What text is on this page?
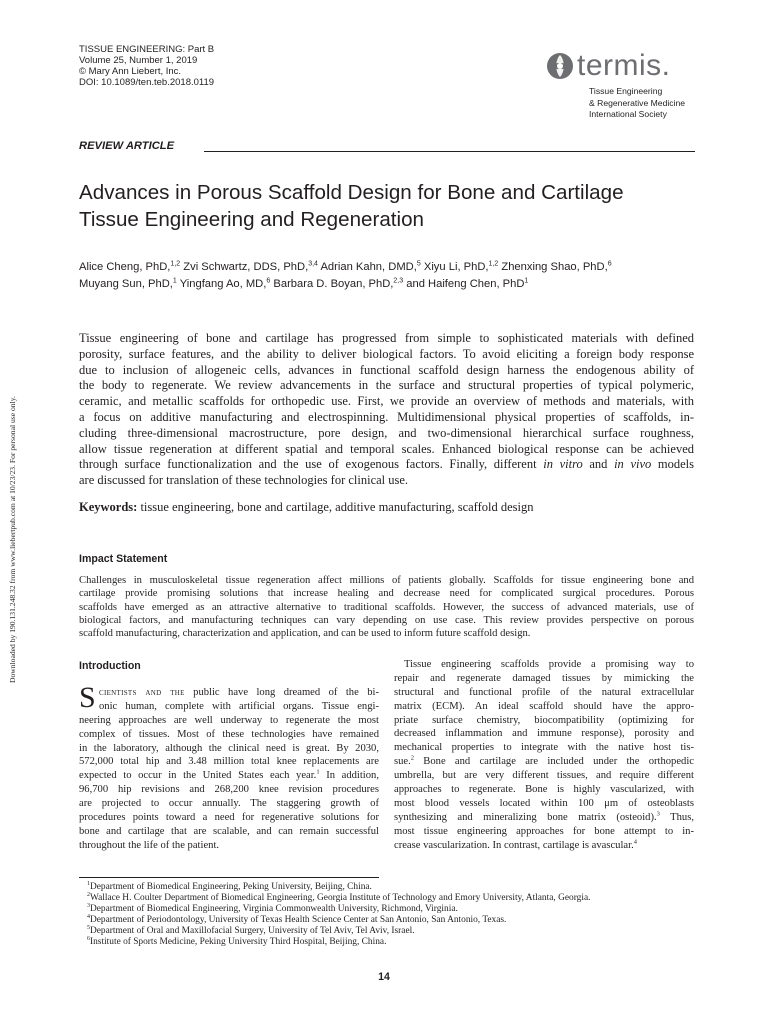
TISSUE ENGINEERING: Part B
Volume 25, Number 1, 2019
© Mary Ann Liebert, Inc.
DOI: 10.1089/ten.teb.2018.0119
termis.
Tissue Engineering
& Regenerative Medicine
International Society
REVIEW ARTICLE
Advances in Porous Scaffold Design for Bone and Cartilage
Tissue Engineering and Regeneration
Alice Cheng, PhD,$^{1,2}$ Zvi Schwartz, DDS, PhD,$^{3,4}$ Adrian Kahn, DMD,$^5$ Xiyu Li, PhD,$^{1,2}$ Zhenxing Shao, PhD,$^6$
Muyang Sun, PhD,$^1$ Yingfang Ao, MD,$^6$ Barbara D. Boyan, PhD,$^{2,3}$ and Haifeng Chen, PhD$^1$
Downloaded by 190.131.248.32 from www.liebertpub.com at 10/23/23. For personal use only.
Tissue engineering of bone and cartilage has progressed from simple to sophisticated materials with defined
porosity, surface features, and the ability to deliver biological factors. To avoid eliciting a foreign body response
due to inclusion of allogeneic cells, advances in functional scaffold design harness the endogenous ability of
the body to regenerate. We review advancements in the surface and structural properties of typical polymeric,
ceramic, and metallic scaffolds for orthopedic use. First, we provide an overview of methods and materials, with
a focus on additive manufacturing and electrospinning. Multidimensional physical properties of scaffolds, in-
cluding three-dimensional macrostructure, pore design, and two-dimensional hierarchical surface roughness,
allow tissue regeneration at different spatial and temporal scales. Enhanced biological response can be achieved
through surface functionalization and the use of exogenous factors. Finally, different in vitro and in vivo models
are discussed for translation of these technologies for clinical use.
Keywords: tissue engineering, bone and cartilage, additive manufacturing, scaffold design
Impact Statement
Challenges in musculoskeletal tissue regeneration affect millions of patients globally. Scaffolds for tissue engineering bone and
cartilage provide promising solutions that increase healing and decrease need for complicated surgical procedures. Porous
scaffolds have emerged as an attractive alternative to traditional scaffolds. However, the success of advanced materials, use of
biological factors, and manufacturing techniques can vary depending on use case. This review provides perspective on porous
scaffold manufacturing, characterization and application, and can be used to inform future scaffold design.
Introduction
S cientists and the public have long dreamed of the bi-
onic human, complete with artificial organs. Tissue engi-
neering approaches are well underway to regenerate the most
complex of tissues. Most of these technologies have remained
in the laboratory, although the clinical need is great. By 2030,
572,000 total hip and 3.48 million total knee replacements are
expected to occur in the United States each year.$^1$ In addition,
96,700 hip revisions and 268,200 knee revision procedures
are projected to occur annually. The staggering growth of
procedures points toward a need for regenerative solutions for
bone and cartilage that are scalable, and can remain successful
throughout the life of the patient.
Tissue engineering scaffolds provide a promising way to
repair and regenerate damaged tissues by mimicking the
structural and functional profile of the natural extracellular
matrix (ECM). An ideal scaffold should have the appro-
priate surface chemistry, biocompatibility (optimizing for
decreased inflammation and immune response), porosity and
mechanical properties to integrate with the native host tis-
sue.$^2$ Bone and cartilage are included under the orthopedic
umbrella, but are very different tissues, and require different
approaches to regenerate. Bone is highly vascularized, with
most blood vessels located within 100 μm of osteoblasts
synthesizing and mineralizing bone matrix (osteoid).$^3$ Thus,
most tissue engineering approaches for bone attempt to in-
crease vascularization. In contrast, cartilage is avascular.$^4$
$^1$Department of Biomedical Engineering, Peking University, Beijing, China.
$^2$Wallace H. Coulter Department of Biomedical Engineering, Georgia Institute of Technology and Emory University, Atlanta, Georgia.
$^3$Department of Biomedical Engineering, Virginia Commonwealth University, Richmond, Virginia.
$^4$Department of Periodontology, University of Texas Health Science Center at San Antonio, San Antonio, Texas.
$^5$Department of Oral and Maxillofacial Surgery, University of Tel Aviv, Tel Aviv, Israel.
$^6$Institute of Sports Medicine, Peking University Third Hospital, Beijing, China.
14
